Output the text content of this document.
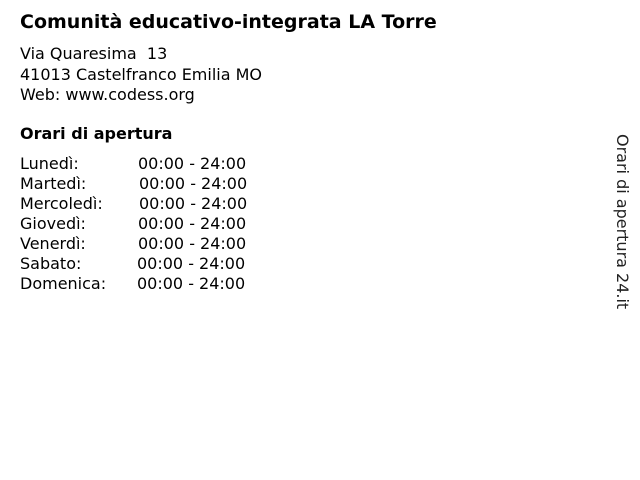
Comunità educativo-integrata LA Torre
Via Quaresima  13
41013 Castelfranco Emilia MO
Web: www.codess.org
Orari di apertura
Lunedì:	00:00 - 24:00
Martedì:	00:00 - 24:00
Mercoledì: 00:00 - 24:00
Giovedì:	00:00 - 24:00
Venerdì:	00:00 - 24:00
Sabato:	00:00 - 24:00
Domenica: 00:00 - 24:00	Orari di apertura 24.it
